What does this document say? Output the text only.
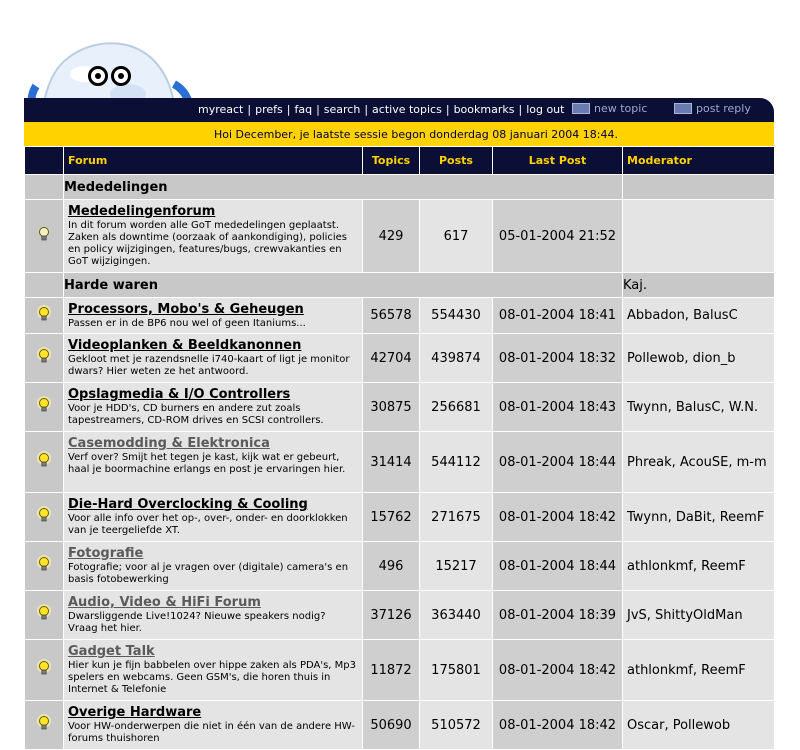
myreact | prefs | faq | search | active topics | bookmarks | log out	new topic	post reply
Hoi December, je laatste sessie begon donderdag 08 januari 2004 18:44.
	Forum	Topics	Posts	Last Post	Moderator
	Mededelingen				

Mededelingenforum
In dit forum worden alle GoT mededelingen geplaatst. Zaken als downtime (oorzaak of aankondiging), policies en policy wijzigingen, features/bugs, crewvakanties en GoT wijzigingen.	429	617	05-01-2004 21:52	
	Harde waren				Kaj.

Processors, Mobo's & Geheugen
Passen er in de BP6 nou wel of geen Itaniums...	56578	554430	08-01-2004 18:41	Abbadon, BalusC

Videoplanken & Beeldkanonnen
Gekloot met je razendsnelle i740-kaart of ligt je monitor dwars? Hier weten ze het antwoord.	42704	439874	08-01-2004 18:32	Pollewob, dion_b

Opslagmedia & I/O Controllers
Voor je HDD's, CD burners en andere zut zoals tapestreamers, CD-ROM drives en SCSI controllers.	30875	256681	08-01-2004 18:43	Twynn, BalusC, W.N.

Casemodding & Elektronica
Verf over? Smijt het tegen je kast, kijk wat er gebeurt, haal je boormachine erlangs en post je ervaringen hier.	31414	544112	08-01-2004 18:44	Phreak, AcouSE, m-m

Die-Hard Overclocking & Cooling
Voor alle info over het op-, over-, onder- en doorklokken van je teergeliefde XT.	15762	271675	08-01-2004 18:42	Twynn, DaBit, ReemF

Fotografie
Fotografie; voor al je vragen over (digitale) camera's en basis fotobewerking	496	15217	08-01-2004 18:44	athlonkmf, ReemF

Audio, Video & HiFi Forum
Dwarsliggende Live!1024? Nieuwe speakers nodig? Vraag het hier.	37126	363440	08-01-2004 18:39	JvS, ShittyOldMan

Gadget Talk
Hier kun je fijn babbelen over hippe zaken als PDA's, Mp3 spelers en webcams. Geen GSM's, die horen thuis in Internet & Telefonie	11872	175801	08-01-2004 18:42	athlonkmf, ReemF

Overige Hardware
Voor HW-onderwerpen die niet in één van de andere HW-forums thuishoren	50690	510572	08-01-2004 18:42	Oscar, Pollewob
